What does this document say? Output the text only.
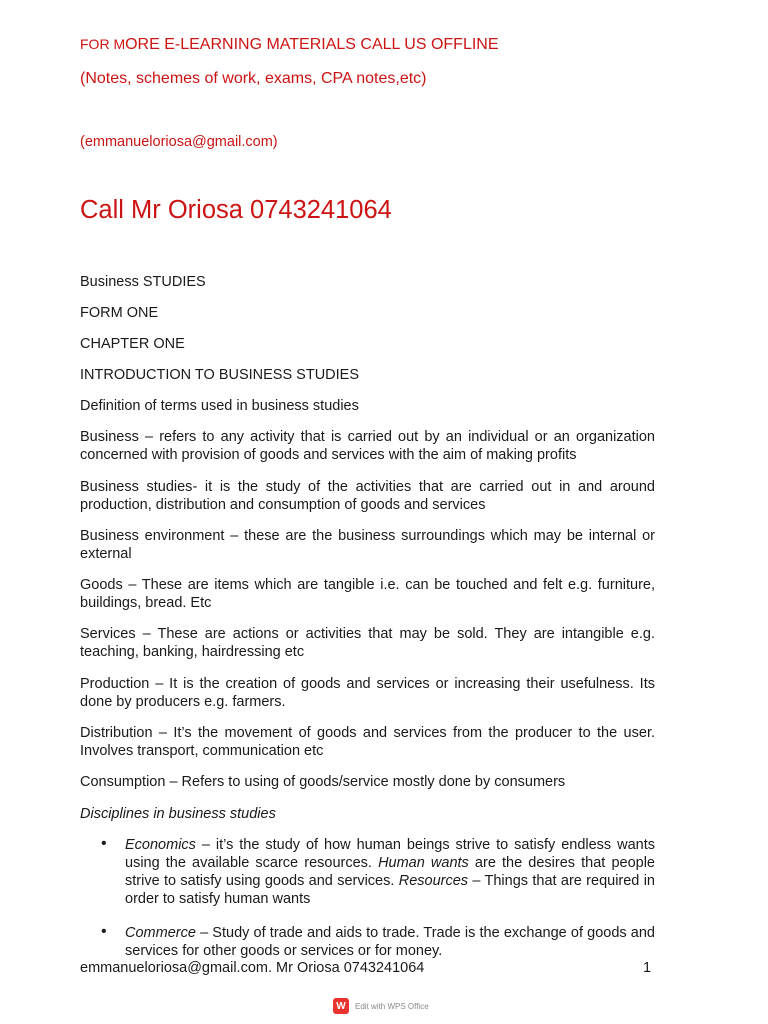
FOR MORE E-LEARNING MATERIALS CALL US OFFLINE
(Notes, schemes of work, exams, CPA notes,etc)
(emmanueloriosa@gmail.com)
Call Mr Oriosa 0743241064
Business STUDIES
FORM ONE
CHAPTER ONE
INTRODUCTION TO BUSINESS STUDIES
Definition of terms used in business studies
Business – refers to any activity that is carried out by an individual or an organization concerned with provision of goods and services with the aim of making profits
Business studies- it is the study of the activities that are carried out in and around production, distribution and consumption of goods and services
Business environment – these are the business surroundings which may be internal or external
Goods – These are items which are tangible i.e. can be touched and felt e.g. furniture, buildings, bread. Etc
Services – These are actions or activities that may be sold. They are intangible e.g. teaching, banking, hairdressing etc
Production – It is the creation of goods and services or increasing their usefulness. Its done by producers e.g. farmers.
Distribution – It’s the movement of goods and services from the producer to the user. Involves transport, communication etc
Consumption – Refers to using of goods/service mostly done by consumers
Disciplines in business studies
• Economics – it’s the study of how human beings strive to satisfy endless wants using the available scarce resources. Human wants are the desires that people strive to satisfy using goods and services. Resources – Things that are required in order to satisfy human wants
• Commerce – Study of trade and aids to trade. Trade is the exchange of goods and services for other goods or services or for money.
emmanueloriosa@gmail.com. Mr Oriosa 0743241064	1
W	Edit with WPS Office
